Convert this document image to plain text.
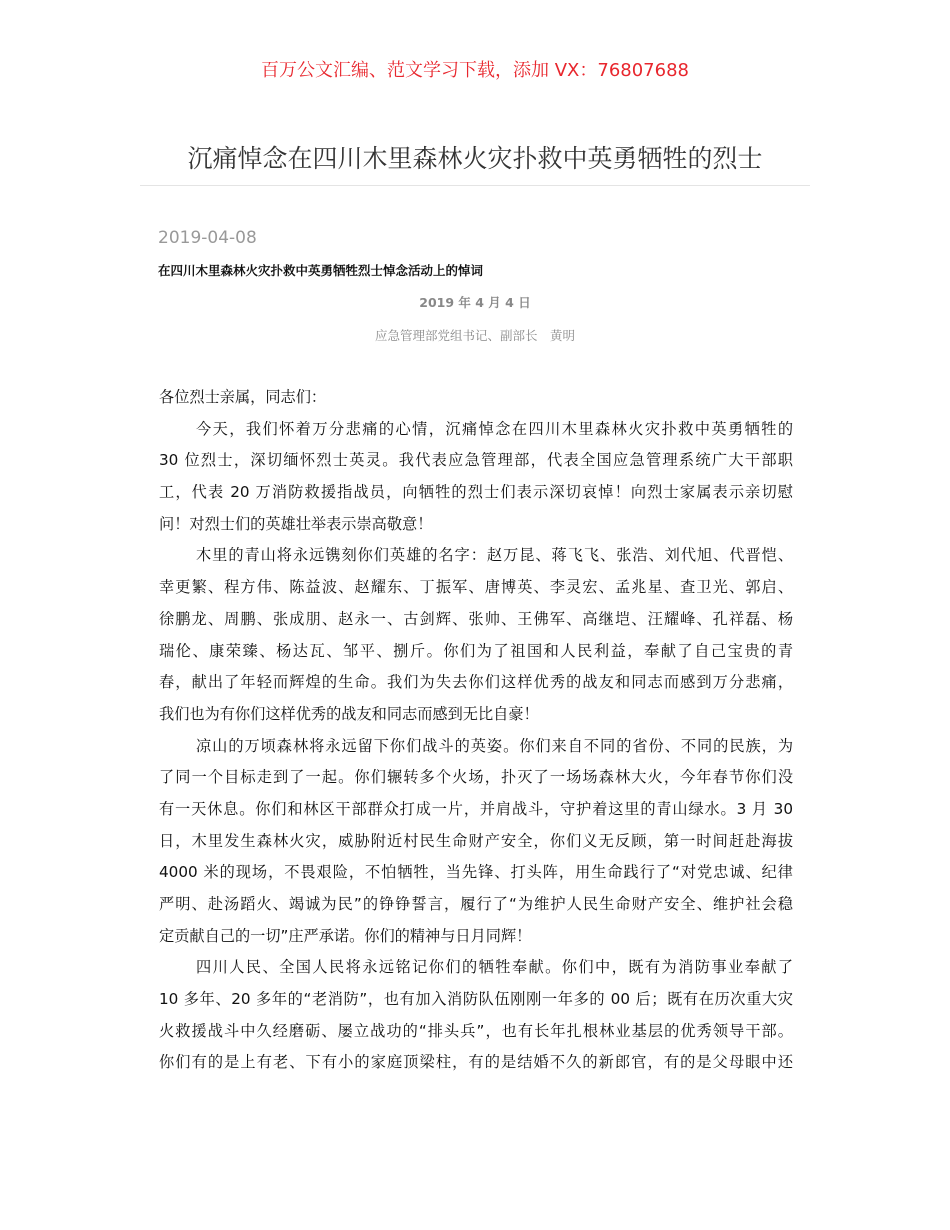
百万公文汇编、范文学习下载，添加 VX：76807688
沉痛悼念在四川木里森林火灾扑救中英勇牺牲的烈士
2019-04-08
在四川木里森林火灾扑救中英勇牺牲烈士悼念活动上的悼词
2019 年 4 月 4 日
应急管理部党组书记、副部长　黄明
各位烈士亲属，同志们：
今天，我们怀着万分悲痛的心情，沉痛悼念在四川木里森林火灾扑救中英勇牺牲的
30 位烈士，深切缅怀烈士英灵。我代表应急管理部，代表全国应急管理系统广大干部职
工，代表 20 万消防救援指战员，向牺牲的烈士们表示深切哀悼！向烈士家属表示亲切慰
问！对烈士们的英雄壮举表示崇高敬意！
木里的青山将永远镌刻你们英雄的名字：赵万昆、蒋飞飞、张浩、刘代旭、代晋恺、
幸更繁、程方伟、陈益波、赵耀东、丁振军、唐博英、李灵宏、孟兆星、查卫光、郭启、
徐鹏龙、周鹏、张成朋、赵永一、古剑辉、张帅、王佛军、高继垲、汪耀峰、孔祥磊、杨
瑞伦、康荣臻、杨达瓦、邹平、捌斤。你们为了祖国和人民利益，奉献了自己宝贵的青
春，献出了年轻而辉煌的生命。我们为失去你们这样优秀的战友和同志而感到万分悲痛，
我们也为有你们这样优秀的战友和同志而感到无比自豪！
凉山的万顷森林将永远留下你们战斗的英姿。你们来自不同的省份、不同的民族，为
了同一个目标走到了一起。你们辗转多个火场，扑灭了一场场森林大火，今年春节你们没
有一天休息。你们和林区干部群众打成一片，并肩战斗，守护着这里的青山绿水。3 月 30
日，木里发生森林火灾，威胁附近村民生命财产安全，你们义无反顾，第一时间赶赴海拔
4000 米的现场，不畏艰险，不怕牺牲，当先锋、打头阵，用生命践行了“对党忠诚、纪律
严明、赴汤蹈火、竭诚为民”的铮铮誓言，履行了“为维护人民生命财产安全、维护社会稳
定贡献自己的一切”庄严承诺。你们的精神与日月同辉！
四川人民、全国人民将永远铭记你们的牺牲奉献。你们中，既有为消防事业奉献了
10 多年、20 多年的“老消防”，也有加入消防队伍刚刚一年多的 00 后；既有在历次重大灾
火救援战斗中久经磨砺、屡立战功的“排头兵”，也有长年扎根林业基层的优秀领导干部。
你们有的是上有老、下有小的家庭顶梁柱，有的是结婚不久的新郎官，有的是父母眼中还
